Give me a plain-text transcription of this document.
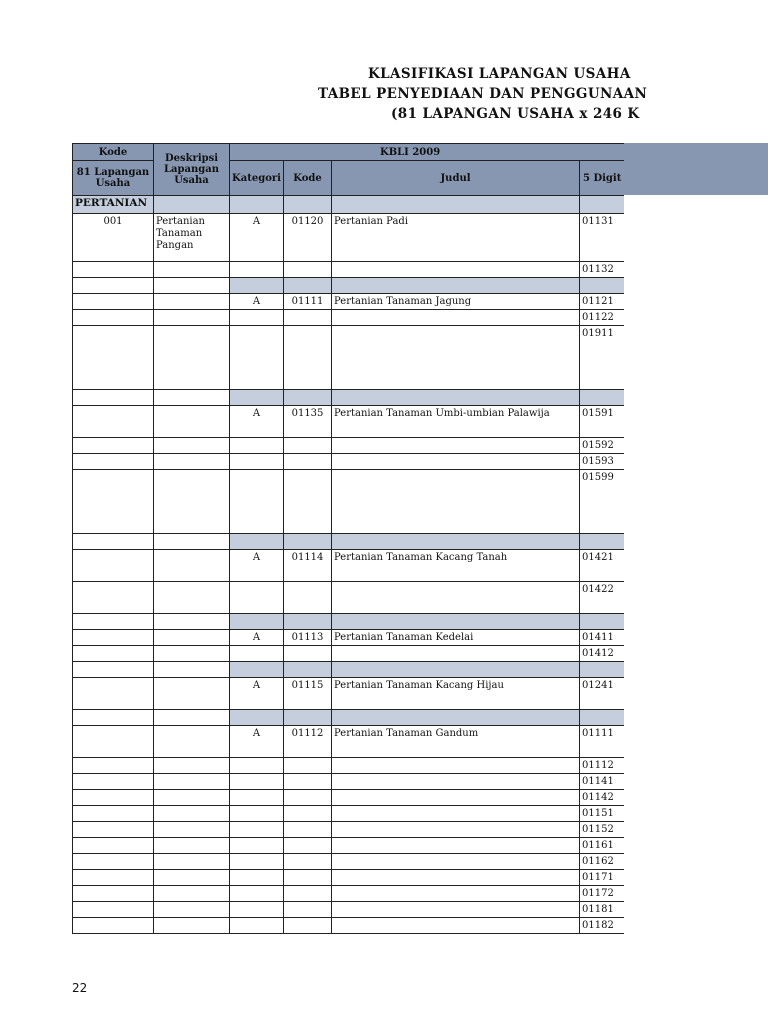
KLASIFIKASI LAPANGAN USAHA
TABEL PENYEDIAAN DAN PENGGUNAAN
(81 LAPANGAN USAHA x 246 K
Kode	Deskripsi Lapangan Usaha	KBLI 2009			
81 Lapangan Usaha		Kategori	Kode	Judul	5 Digit
PERTANIAN					
001	Pertanian Tanaman Pangan	A	01120	Pertanian Padi	01131
					01132

		A	01111	Pertanian Tanaman Jagung	01121
					01122
					01911

		A	01135	Pertanian Tanaman Umbi-umbian Palawija	01591
					01592
					01593
					01599

		A	01114	Pertanian Tanaman Kacang Tanah	01421
					01422

		A	01113	Pertanian Tanaman Kedelai	01411
					01412

		A	01115	Pertanian Tanaman Kacang Hijau	01241

		A	01112	Pertanian Tanaman Gandum	01111
					01112
					01141
					01142
					01151
					01152
					01161
					01162
					01171
					01172
					01181
					01182
22
